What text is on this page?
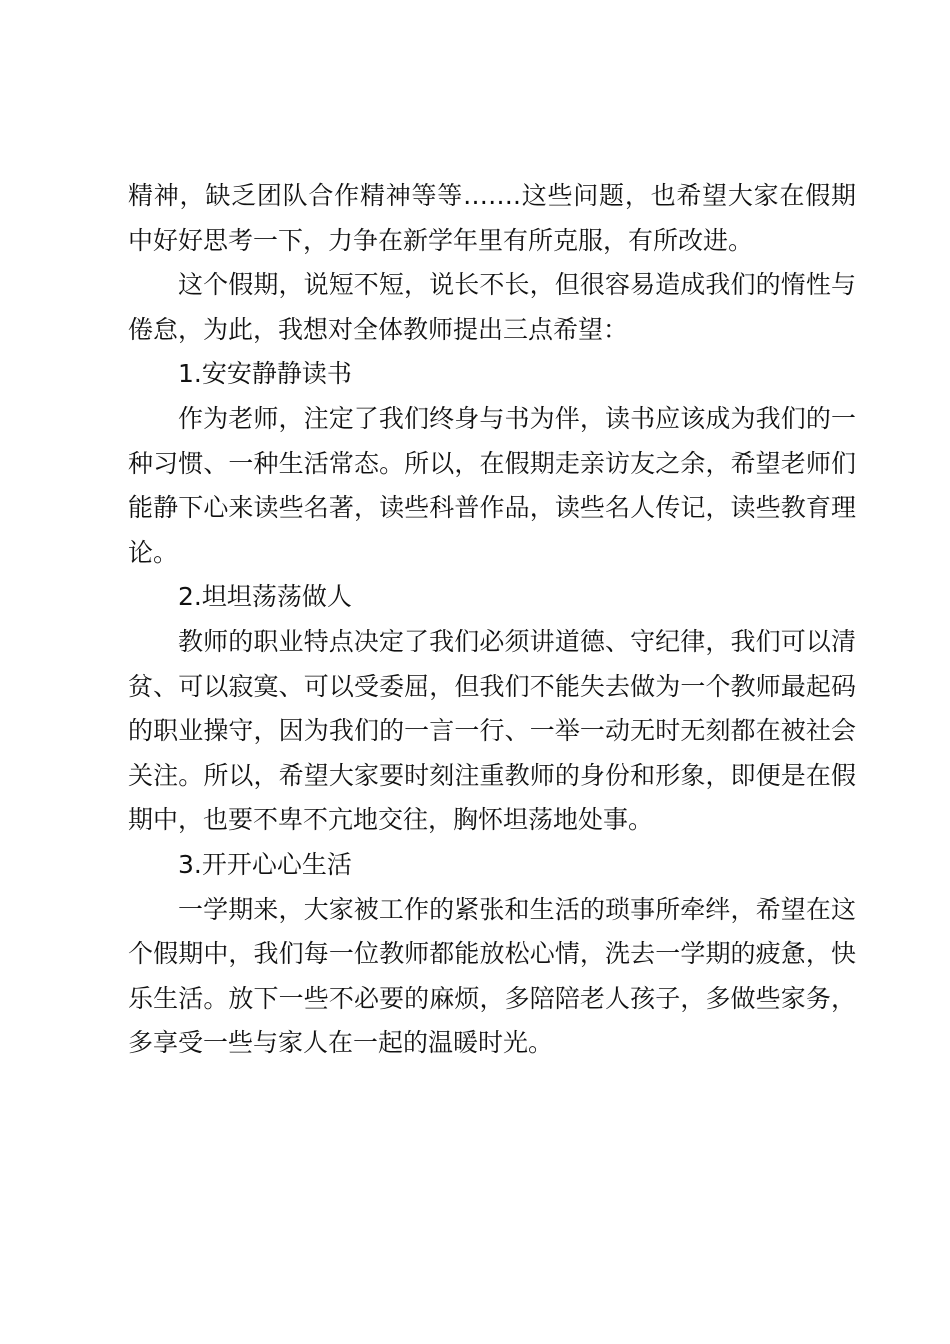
精神，缺乏团队合作精神等等…….这些问题，也希望大家在假期中好好思考一下，力争在新学年里有所克服，有所改进。

这个假期，说短不短，说长不长，但很容易造成我们的惰性与倦怠，为此，我想对全体教师提出三点希望：

1.安安静静读书

作为老师，注定了我们终身与书为伴，读书应该成为我们的一种习惯、一种生活常态。所以，在假期走亲访友之余，希望老师们能静下心来读些名著，读些科普作品，读些名人传记，读些教育理论。

2.坦坦荡荡做人

教师的职业特点决定了我们必须讲道德、守纪律，我们可以清贫、可以寂寞、可以受委屈，但我们不能失去做为一个教师最起码的职业操守，因为我们的一言一行、一举一动无时无刻都在被社会关注。所以，希望大家要时刻注重教师的身份和形象，即便是在假期中，也要不卑不亢地交往，胸怀坦荡地处事。

3.开开心心生活

一学期来，大家被工作的紧张和生活的琐事所牵绊，希望在这个假期中，我们每一位教师都能放松心情，洗去一学期的疲惫，快乐生活。放下一些不必要的麻烦，多陪陪老人孩子，多做些家务，多享受一些与家人在一起的温暖时光。
